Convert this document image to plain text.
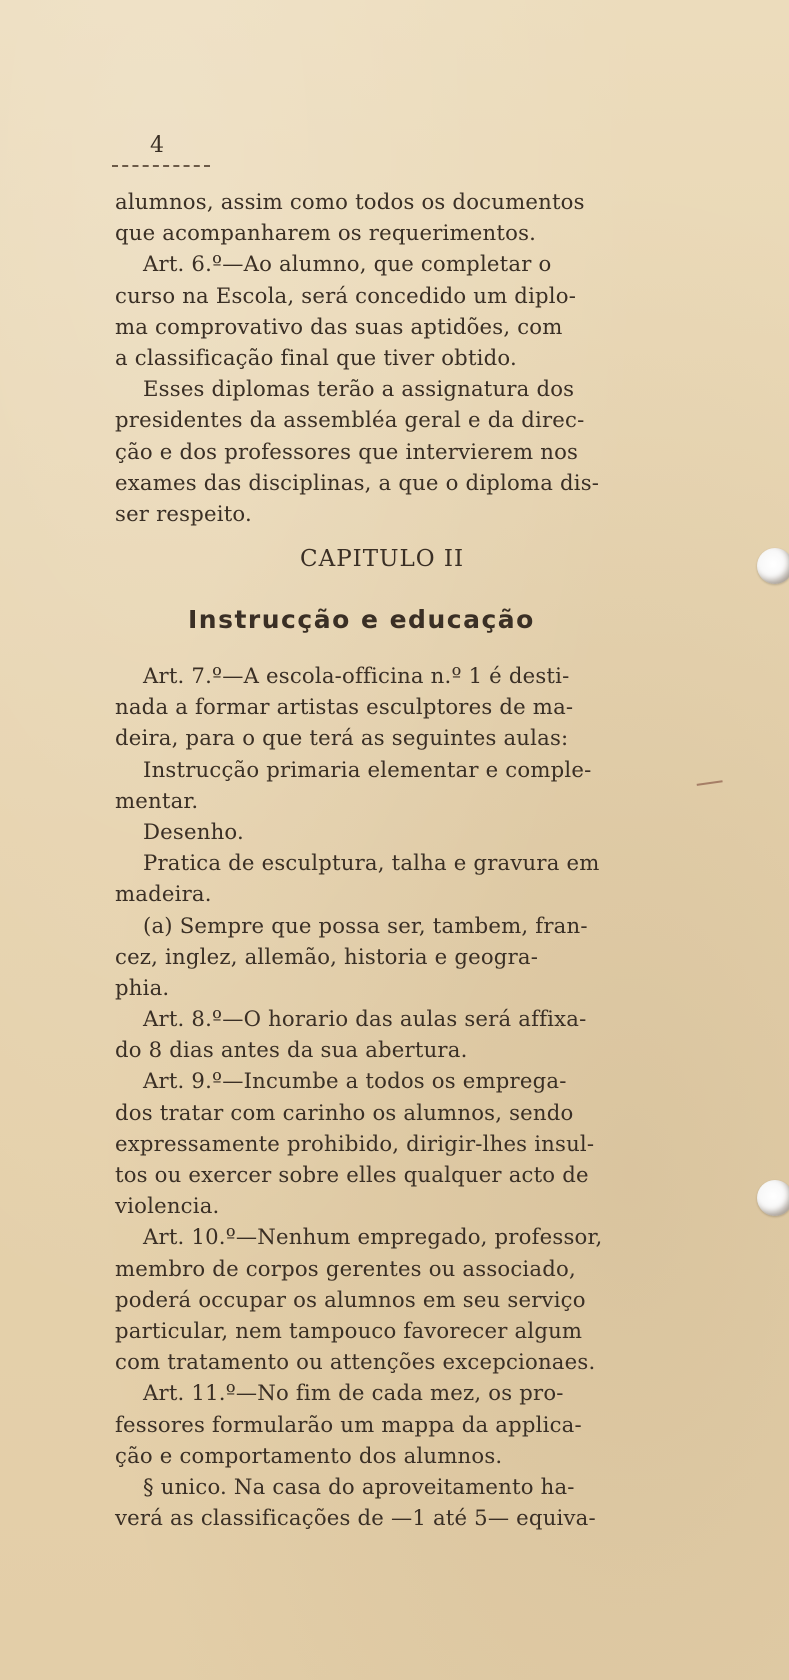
4
alumnos, assim como todos os documentos
que acompanharem os requerimentos.
Art. 6.º—Ao alumno, que completar o
curso na Escola, será concedido um diplo-
ma comprovativo das suas aptidões, com
a classificação final que tiver obtido.
Esses diplomas terão a assignatura dos
presidentes da assembléa geral e da direc-
ção e dos professores que intervierem nos
exames das disciplinas, a que o diploma dis-
ser respeito.
CAPITULO II
Instrucção e educação
Art. 7.º—A escola-officina n.º 1 é desti-
nada a formar artistas esculptores de ma-
deira, para o que terá as seguintes aulas:
Instrucção primaria elementar e comple-
mentar.
Desenho.
Pratica de esculptura, talha e gravura em
madeira.
(a) Sempre que possa ser, tambem, fran-
cez, inglez, allemão, historia e geogra-
phia.
Art. 8.º—O horario das aulas será affixa-
do 8 dias antes da sua abertura.
Art. 9.º—Incumbe a todos os emprega-
dos tratar com carinho os alumnos, sendo
expressamente prohibido, dirigir-lhes insul-
tos ou exercer sobre elles qualquer acto de
violencia.
Art. 10.º—Nenhum empregado, professor,
membro de corpos gerentes ou associado,
poderá occupar os alumnos em seu serviço
particular, nem tampouco favorecer algum
com tratamento ou attenções excepcionaes.
Art. 11.º—No fim de cada mez, os pro-
fessores formularão um mappa da applica-
ção e comportamento dos alumnos.
§ unico. Na casa do aproveitamento ha-
verá as classificações de —1 até 5— equiva-
